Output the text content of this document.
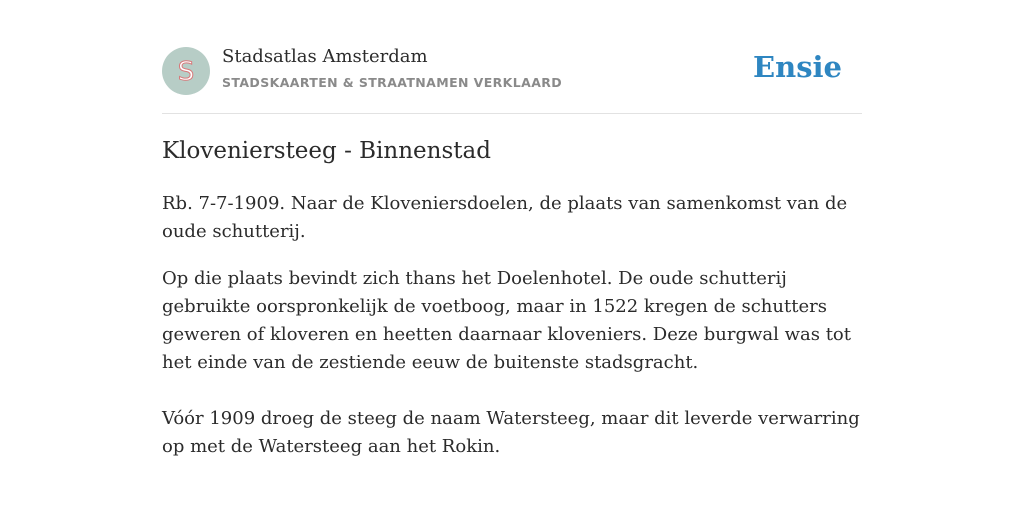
S Stadsatlas Amsterdam
STADSKAARTEN & STRAATNAMEN VERKLAARD	Ensie
Kloveniersteeg - Binnenstad

Rb. 7-7-1909. Naar de Kloveniersdoelen, de plaats van samenkomst van de oude schutterij.

Op die plaats bevindt zich thans het Doelenhotel. De oude schutterij gebruikte oorspronkelijk de voetboog, maar in 1522 kregen de schutters geweren of kloveren en heetten daarnaar kloveniers. Deze burgwal was tot het einde van de zestiende eeuw de buitenste stadsgracht.

Vóór 1909 droeg de steeg de naam Watersteeg, maar dit leverde verwarring op met de Watersteeg aan het Rokin.
